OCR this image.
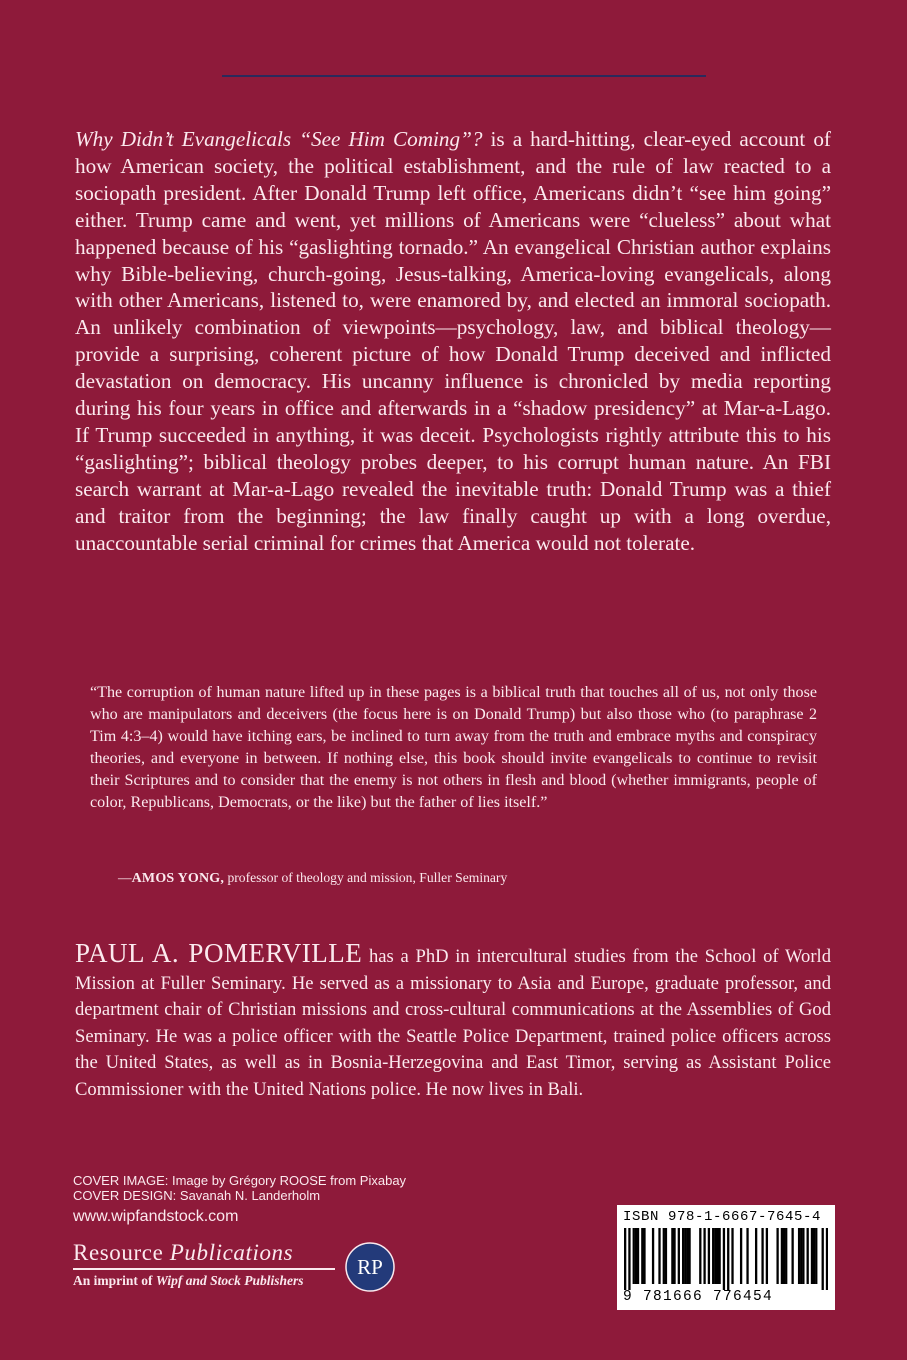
Why Didn’t Evangelicals “See Him Coming”? is a hard-hitting, clear-eyed account of how American society, the political establishment, and the rule of law reacted to a sociopath president. After Donald Trump left office, Americans didn’t “see him going” either. Trump came and went, yet millions of Americans were “clueless” about what happened because of his “gaslighting tornado.” An evangelical Christian author explains why Bible-believing, church-going, Jesus-talking, America-loving evangelicals, along with other Americans, listened to, were enamored by, and elected an immoral sociopath. An unlikely combination of viewpoints—psychology, law, and biblical theology—provide a surprising, coherent picture of how Donald Trump deceived and inflicted devastation on democracy. His uncanny influence is chronicled by media reporting during his four years in office and afterwards in a “shadow presidency” at Mar-a-Lago. If Trump succeeded in anything, it was deceit. Psychologists rightly attribute this to his “gaslighting”; biblical theology probes deeper, to his corrupt human nature. An FBI search warrant at Mar-a-Lago revealed the inevitable truth: Donald Trump was a thief and traitor from the beginning; the law finally caught up with a long overdue, unaccountable serial criminal for crimes that America would not tolerate.

“The corruption of human nature lifted up in these pages is a biblical truth that touches all of us, not only those who are manipulators and deceivers (the focus here is on Donald Trump) but also those who (to paraphrase 2 Tim 4:3–4) would have itching ears, be inclined to turn away from the truth and embrace myths and conspiracy theories, and everyone in between. If nothing else, this book should invite evangelicals to continue to revisit their Scriptures and to consider that the enemy is not others in flesh and blood (whether immigrants, people of color, Republicans, Democrats, or the like) but the father of lies itself.”

—AMOS YONG, professor of theology and mission, Fuller Seminary

PAUL A. POMERVILLE has a PhD in intercultural studies from the School of World Mission at Fuller Seminary. He served as a missionary to Asia and Europe, graduate professor, and department chair of Christian missions and cross-cultural communications at the Assemblies of God Seminary. He was a police officer with the Seattle Police Department, trained police officers across the United States, as well as in Bosnia-Herzegovina and East Timor, serving as Assistant Police Commissioner with the United Nations police. He now lives in Bali.

COVER IMAGE: Image by Grégory ROOSE from Pixabay
COVER DESIGN: Savanah N. Landerholm
www.wipfandstock.com
Resource Publications
An imprint of Wipf and Stock Publishers
RP
ISBN 978-1-6667-7645-4
9 781666 776454
